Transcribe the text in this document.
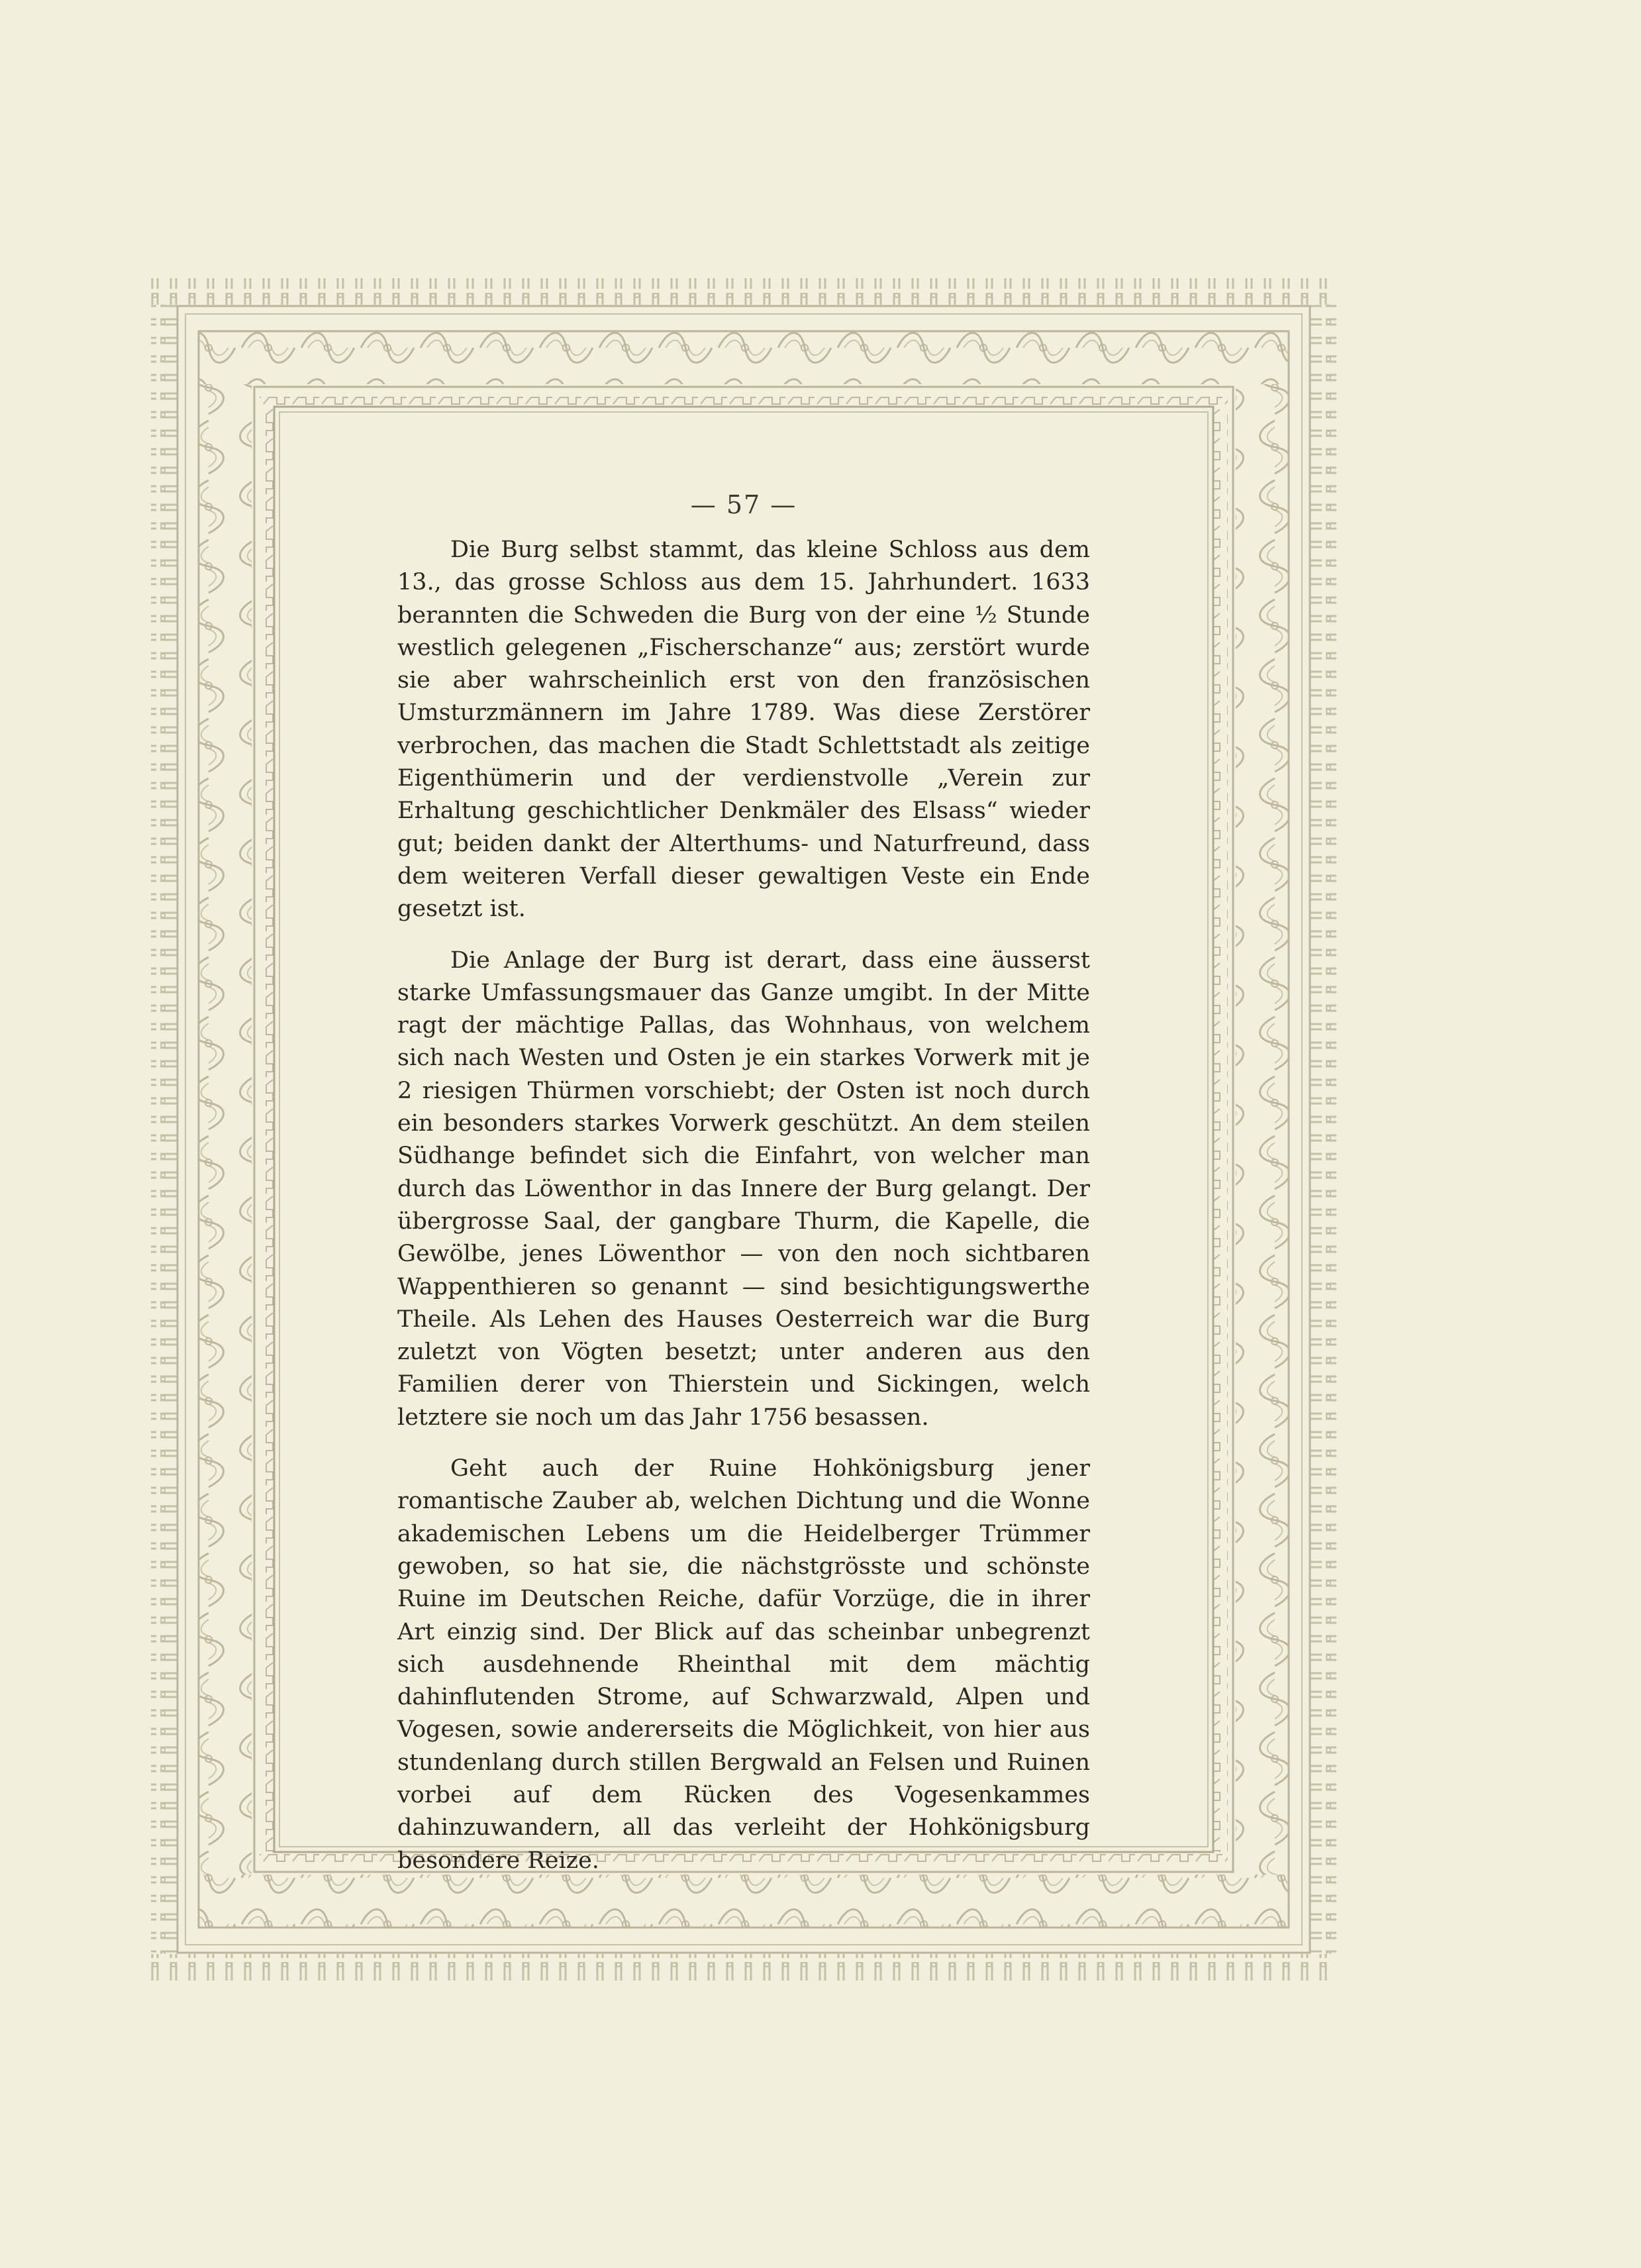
— 57 —

Die Burg selbst stammt, das kleine Schloss aus dem 13., das grosse Schloss aus dem 15. Jahrhundert. 1633 berannten die Schweden die Burg von der eine ½ Stunde westlich gelegenen „Fischerschanze“ aus; zerstört wurde sie aber wahrscheinlich erst von den französischen Umsturzmännern im Jahre 1789. Was diese Zerstörer verbrochen, das machen die Stadt Schlettstadt als zeitige Eigenthümerin und der verdienstvolle „Verein zur Erhaltung geschichtlicher Denkmäler des Elsass“ wieder gut; beiden dankt der Alterthums- und Naturfreund, dass dem weiteren Verfall dieser gewaltigen Veste ein Ende gesetzt ist.

Die Anlage der Burg ist derart, dass eine äusserst starke Umfassungsmauer das Ganze umgibt. In der Mitte ragt der mächtige Pallas, das Wohnhaus, von welchem sich nach Westen und Osten je ein starkes Vorwerk mit je 2 riesigen Thürmen vorschiebt; der Osten ist noch durch ein besonders starkes Vorwerk geschützt. An dem steilen Südhange befindet sich die Einfahrt, von welcher man durch das Löwenthor in das Innere der Burg gelangt. Der übergrosse Saal, der gangbare Thurm, die Kapelle, die Gewölbe, jenes Löwenthor — von den noch sichtbaren Wappenthieren so genannt — sind besichtigungswerthe Theile. Als Lehen des Hauses Oesterreich war die Burg zuletzt von Vögten besetzt; unter anderen aus den Familien derer von Thierstein und Sickingen, welch letztere sie noch um das Jahr 1756 besassen.

Geht auch der Ruine Hohkönigsburg jener romantische Zauber ab, welchen Dichtung und die Wonne akademischen Lebens um die Heidelberger Trümmer gewoben, so hat sie, die nächstgrösste und schönste Ruine im Deutschen Reiche, dafür Vorzüge, die in ihrer Art einzig sind. Der Blick auf das scheinbar unbegrenzt sich ausdehnende Rheinthal mit dem mächtig dahinflutenden Strome, auf Schwarzwald, Alpen und Vogesen, sowie andererseits die Möglichkeit, von hier aus stundenlang durch stillen Bergwald an Felsen und Ruinen vorbei auf dem Rücken des Vogesenkammes dahinzuwandern, all das verleiht der Hohkönigsburg besondere Reize.
